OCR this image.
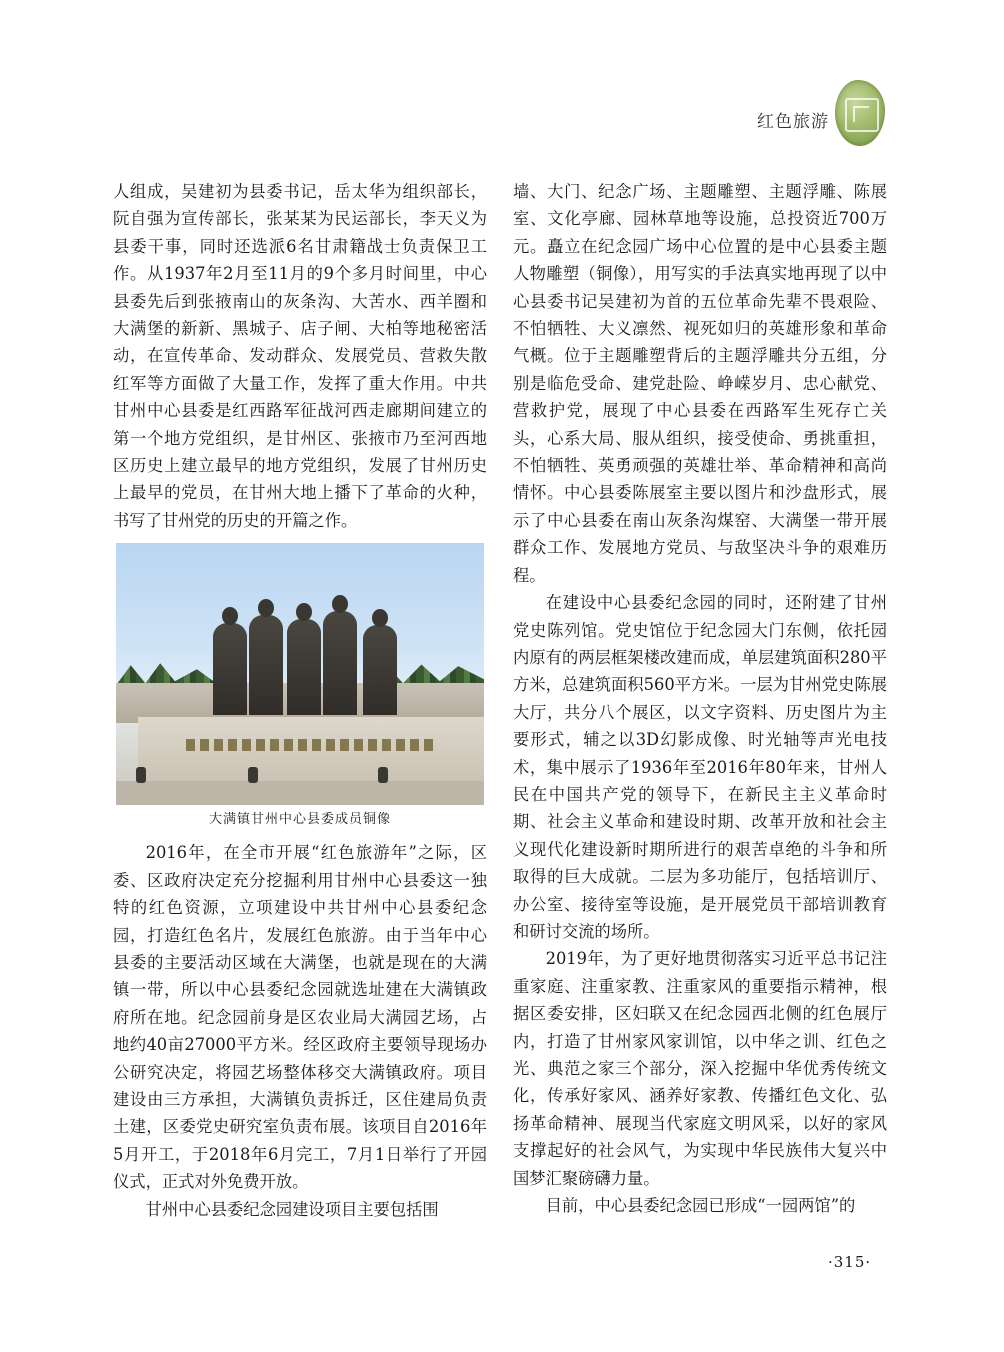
红色旅游

人组成，吴建初为县委书记，岳太华为组织部长，阮自强为宣传部长，张某某为民运部长，李天义为县委干事，同时还选派6名甘肃籍战士负责保卫工作。从1937年2月至11月的9个多月时间里，中心县委先后到张掖南山的灰条沟、大苦水、西羊圈和大满堡的新新、黑城子、店子闸、大柏等地秘密活动，在宣传革命、发动群众、发展党员、营救失散红军等方面做了大量工作，发挥了重大作用。中共甘州中心县委是红西路军征战河西走廊期间建立的第一个地方党组织，是甘州区、张掖市乃至河西地区历史上建立最早的地方党组织，发展了甘州历史上最早的党员，在甘州大地上播下了革命的火种，书写了甘州党的历史的开篇之作。

大满镇甘州中心县委成员铜像

2016年，在全市开展“红色旅游年”之际，区委、区政府决定充分挖掘利用甘州中心县委这一独特的红色资源，立项建设中共甘州中心县委纪念园，打造红色名片，发展红色旅游。由于当年中心县委的主要活动区域在大满堡，也就是现在的大满镇一带，所以中心县委纪念园就选址建在大满镇政府所在地。纪念园前身是区农业局大满园艺场，占地约40亩27000平方米。经区政府主要领导现场办公研究决定，将园艺场整体移交大满镇政府。项目建设由三方承担，大满镇负责拆迁，区住建局负责土建，区委党史研究室负责布展。该项目自2016年5月开工，于2018年6月完工，7月1日举行了开园仪式，正式对外免费开放。

甘州中心县委纪念园建设项目主要包括围

墙、大门、纪念广场、主题雕塑、主题浮雕、陈展室、文化亭廊、园林草地等设施，总投资近700万元。矗立在纪念园广场中心位置的是中心县委主题人物雕塑（铜像），用写实的手法真实地再现了以中心县委书记吴建初为首的五位革命先辈不畏艰险、不怕牺牲、大义凛然、视死如归的英雄形象和革命气概。位于主题雕塑背后的主题浮雕共分五组，分别是临危受命、建党赴险、峥嵘岁月、忠心献党、营救护党，展现了中心县委在西路军生死存亡关头，心系大局、服从组织，接受使命、勇挑重担，不怕牺牲、英勇顽强的英雄壮举、革命精神和高尚情怀。中心县委陈展室主要以图片和沙盘形式，展示了中心县委在南山灰条沟煤窑、大满堡一带开展群众工作、发展地方党员、与敌坚决斗争的艰难历程。

在建设中心县委纪念园的同时，还附建了甘州党史陈列馆。党史馆位于纪念园大门东侧，依托园内原有的两层框架楼改建而成，单层建筑面积280平方米，总建筑面积560平方米。一层为甘州党史陈展大厅，共分八个展区，以文字资料、历史图片为主要形式，辅之以3D幻影成像、时光轴等声光电技术，集中展示了1936年至2016年80年来，甘州人民在中国共产党的领导下，在新民主主义革命时期、社会主义革命和建设时期、改革开放和社会主义现代化建设新时期所进行的艰苦卓绝的斗争和所取得的巨大成就。二层为多功能厅，包括培训厅、办公室、接待室等设施，是开展党员干部培训教育和研讨交流的场所。

2019年，为了更好地贯彻落实习近平总书记注重家庭、注重家教、注重家风的重要指示精神，根据区委安排，区妇联又在纪念园西北侧的红色展厅内，打造了甘州家风家训馆，以中华之训、红色之光、典范之家三个部分，深入挖掘中华优秀传统文化，传承好家风、涵养好家教、传播红色文化、弘扬革命精神、展现当代家庭文明风采，以好的家风支撑起好的社会风气，为实现中华民族伟大复兴中国梦汇聚磅礴力量。

目前，中心县委纪念园已形成“一园两馆”的

·315·
